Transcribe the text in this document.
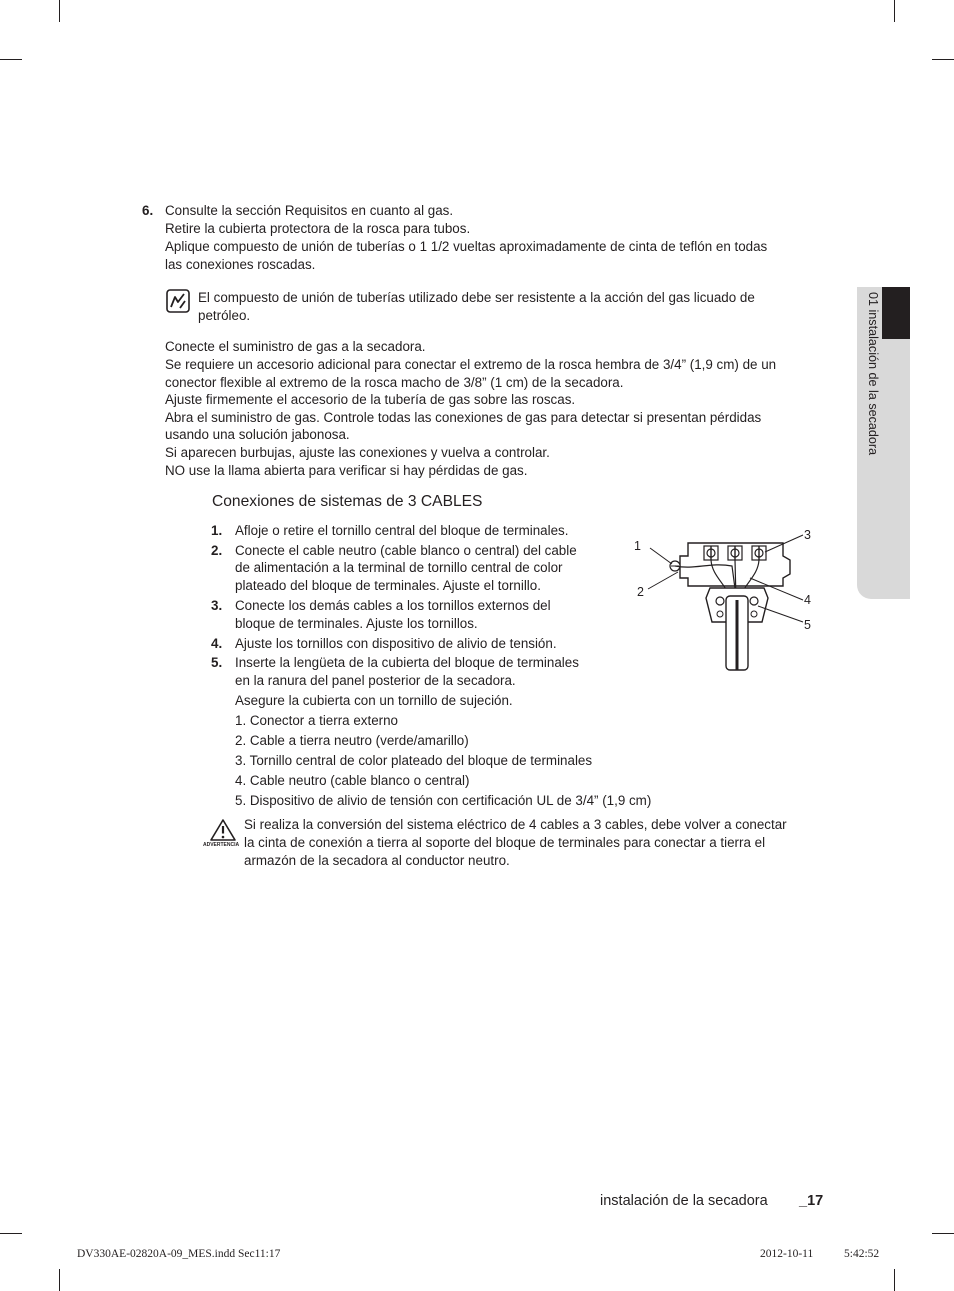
01 instalación de la secadora
6. Consulte la sección Requisitos en cuanto al gas.
Retire la cubierta protectora de la rosca para tubos.
Aplique compuesto de unión de tuberías o 1 1/2 vueltas aproximadamente de cinta de teflón en todas
las conexiones roscadas.
El compuesto de unión de tuberías utilizado debe ser resistente a la acción del gas licuado de
petróleo.
Conecte el suministro de gas a la secadora.
Se requiere un accesorio adicional para conectar el extremo de la rosca hembra de 3/4” (1,9 cm) de un
conector flexible al extremo de la rosca macho de 3/8” (1 cm) de la secadora.
Ajuste firmemente el accesorio de la tubería de gas sobre las roscas.
Abra el suministro de gas. Controle todas las conexiones de gas para detectar si presentan pérdidas
usando una solución jabonosa.
Si aparecen burbujas, ajuste las conexiones y vuelva a controlar.
NO use la llama abierta para verificar si hay pérdidas de gas.
Conexiones de sistemas de 3 CABLES
1. Afloje o retire el tornillo central del bloque de terminales.
2. Conecte el cable neutro (cable blanco o central) del cable
de alimentación a la terminal de tornillo central de color
plateado del bloque de terminales. Ajuste el tornillo.
3. Conecte los demás cables a los tornillos externos del
bloque de terminales. Ajuste los tornillos.
4. Ajuste los tornillos con dispositivo de alivio de tensión.
5. Inserte la lengüeta de la cubierta del bloque de terminales
en la ranura del panel posterior de la secadora.
Asegure la cubierta con un tornillo de sujeción.
1. Conector a tierra externo
2. Cable a tierra neutro (verde/amarillo)
3. Tornillo central de color plateado del bloque de terminales
4. Cable neutro (cable blanco o central)
5. Dispositivo de alivio de tensión con certificación UL de 3/4” (1,9 cm)
1
2
3
4
5
ADVERTENCIA
Si realiza la conversión del sistema eléctrico de 4 cables a 3 cables, debe volver a conectar
la cinta de conexión a tierra al soporte del bloque de terminales para conectar a tierra el
armazón de la secadora al conductor neutro.
instalación de la secadora _17
DV330AE-02820A-09_MES.indd Sec11:17	2012-10-11	5:42:52
